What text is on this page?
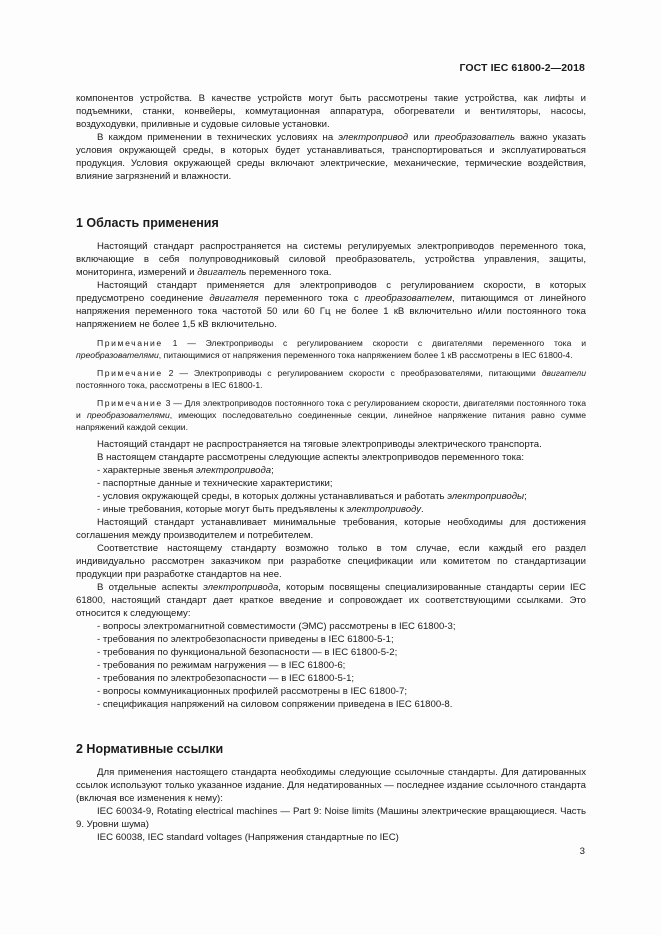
ГОСТ IEC 61800-2—2018

компонентов устройства. В качестве устройств могут быть рассмотрены такие устройства, как лифты и подъемники, станки, конвейеры, коммутационная аппаратура, обогреватели и вентиляторы, насосы, воздуходувки, приливные и судовые силовые установки.

В каждом применении в технических условиях на электропривод или преобразователь важно указать условия окружающей среды, в которых будет устанавливаться, транспортироваться и эксплуатироваться продукция. Условия окружающей среды включают электрические, механические, термические воздействия, влияние загрязнений и влажности.

1 Область применения

Настоящий стандарт распространяется на системы регулируемых электроприводов переменного тока, включающие в себя полупроводниковый силовой преобразователь, устройства управления, защиты, мониторинга, измерений и двигатель переменного тока.

Настоящий стандарт применяется для электроприводов с регулированием скорости, в которых предусмотрено соединение двигателя переменного тока с преобразователем, питающимся от линейного напряжения переменного тока частотой 50 или 60 Гц не более 1 кВ включительно и/или постоянного тока напряжением не более 1,5 кВ включительно.

Примечание 1 — Электроприводы с регулированием скорости с двигателями переменного тока и преобразователями, питающимися от напряжения переменного тока напряжением более 1 кВ рассмотрены в IEC 61800-4.

Примечание 2 — Электроприводы с регулированием скорости с преобразователями, питающими двигатели постоянного тока, рассмотрены в IEC 61800-1.

Примечание 3 — Для электроприводов постоянного тока с регулированием скорости, двигателями постоянного тока и преобразователями, имеющих последовательно соединенные секции, линейное напряжение питания равно сумме напряжений каждой секции.

Настоящий стандарт не распространяется на тяговые электроприводы электрического транспорта.

В настоящем стандарте рассмотрены следующие аспекты электроприводов переменного тока:

- характерные звенья электропривода;
- паспортные данные и технические характеристики;
- условия окружающей среды, в которых должны устанавливаться и работать электроприводы;
- иные требования, которые могут быть предъявлены к электроприводу.

Настоящий стандарт устанавливает минимальные требования, которые необходимы для достижения соглашения между производителем и потребителем.

Соответствие настоящему стандарту возможно только в том случае, если каждый его раздел индивидуально рассмотрен заказчиком при разработке спецификации или комитетом по стандартизации продукции при разработке стандартов на нее.

В отдельные аспекты электропривода, которым посвящены специализированные стандарты серии IEC 61800, настоящий стандарт дает краткое введение и сопровождает их соответствующими ссылками. Это относится к следующему:

- вопросы электромагнитной совместимости (ЭМС) рассмотрены в IEC 61800-3;
- требования по электробезопасности приведены в IEC 61800-5-1;
- требования по функциональной безопасности — в IEC 61800-5-2;
- требования по режимам нагружения — в IEC 61800-6;
- требования по электробезопасности — в IEC 61800-5-1;
- вопросы коммуникационных профилей рассмотрены в IEC 61800-7;
- спецификация напряжений на силовом сопряжении приведена в IEC 61800-8.
2 Нормативные ссылки

Для применения настоящего стандарта необходимы следующие ссылочные стандарты. Для датированных ссылок используют только указанное издание. Для недатированных — последнее издание ссылочного стандарта (включая все изменения к нему):

IEC 60034-9, Rotating electrical machines — Part 9: Noise limits (Машины электрические вращающиеся. Часть 9. Уровни шума)

IEC 60038, IEC standard voltages (Напряжения стандартные по IEC)

3
